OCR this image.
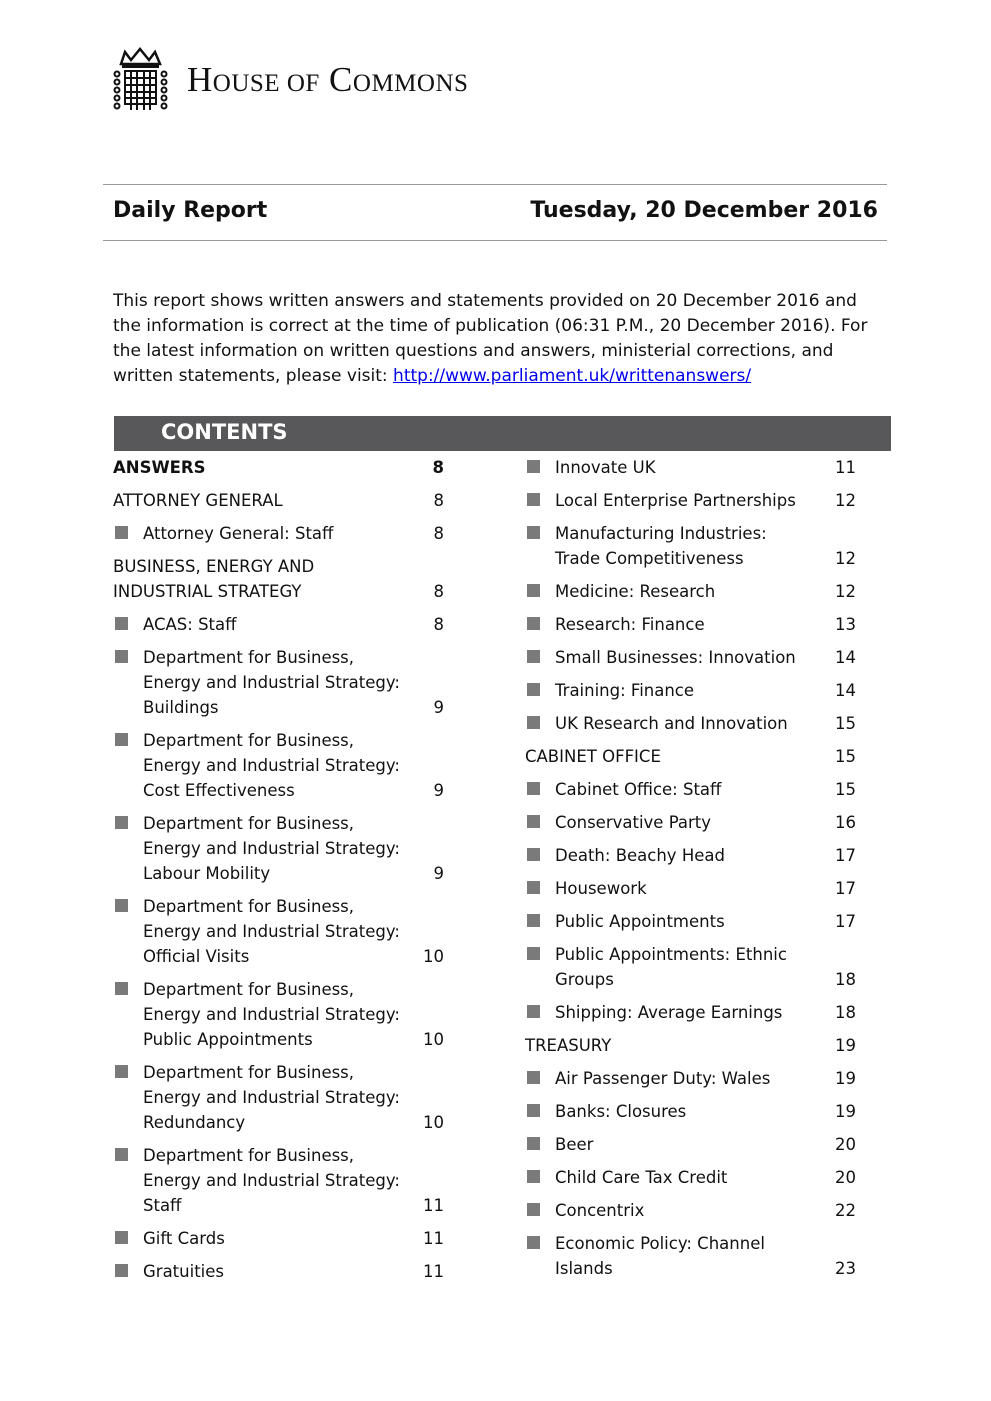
HOUSE OF COMMONS
Daily Report	Tuesday, 20 December 2016
This report shows written answers and statements provided on 20 December 2016 and the information is correct at the time of publication (06:31 P.M., 20 December 2016). For the latest information on written questions and answers, ministerial corrections, and written statements, please visit: http://www.parliament.uk/writtenanswers/
CONTENTS
ANSWERS	8
ATTORNEY GENERAL	8
Attorney General: Staff	8
BUSINESS, ENERGY AND INDUSTRIAL STRATEGY	8
ACAS: Staff	8
Department for Business, Energy and Industrial Strategy: Buildings	9
Department for Business, Energy and Industrial Strategy: Cost Effectiveness	9
Department for Business, Energy and Industrial Strategy: Labour Mobility	9
Department for Business, Energy and Industrial Strategy: Official Visits	10
Department for Business, Energy and Industrial Strategy: Public Appointments	10
Department for Business, Energy and Industrial Strategy: Redundancy	10
Department for Business, Energy and Industrial Strategy: Staff	11
Gift Cards	11
Gratuities	11
Innovate UK	11
Local Enterprise Partnerships	12
Manufacturing Industries: Trade Competitiveness	12
Medicine: Research	12
Research: Finance	13
Small Businesses: Innovation	14
Training: Finance	14
UK Research and Innovation	15
CABINET OFFICE	15
Cabinet Office: Staff	15
Conservative Party	16
Death: Beachy Head	17
Housework	17
Public Appointments	17
Public Appointments: Ethnic Groups	18
Shipping: Average Earnings	18
TREASURY	19
Air Passenger Duty: Wales	19
Banks: Closures	19
Beer	20
Child Care Tax Credit	20
Concentrix	22
Economic Policy: Channel Islands	23
